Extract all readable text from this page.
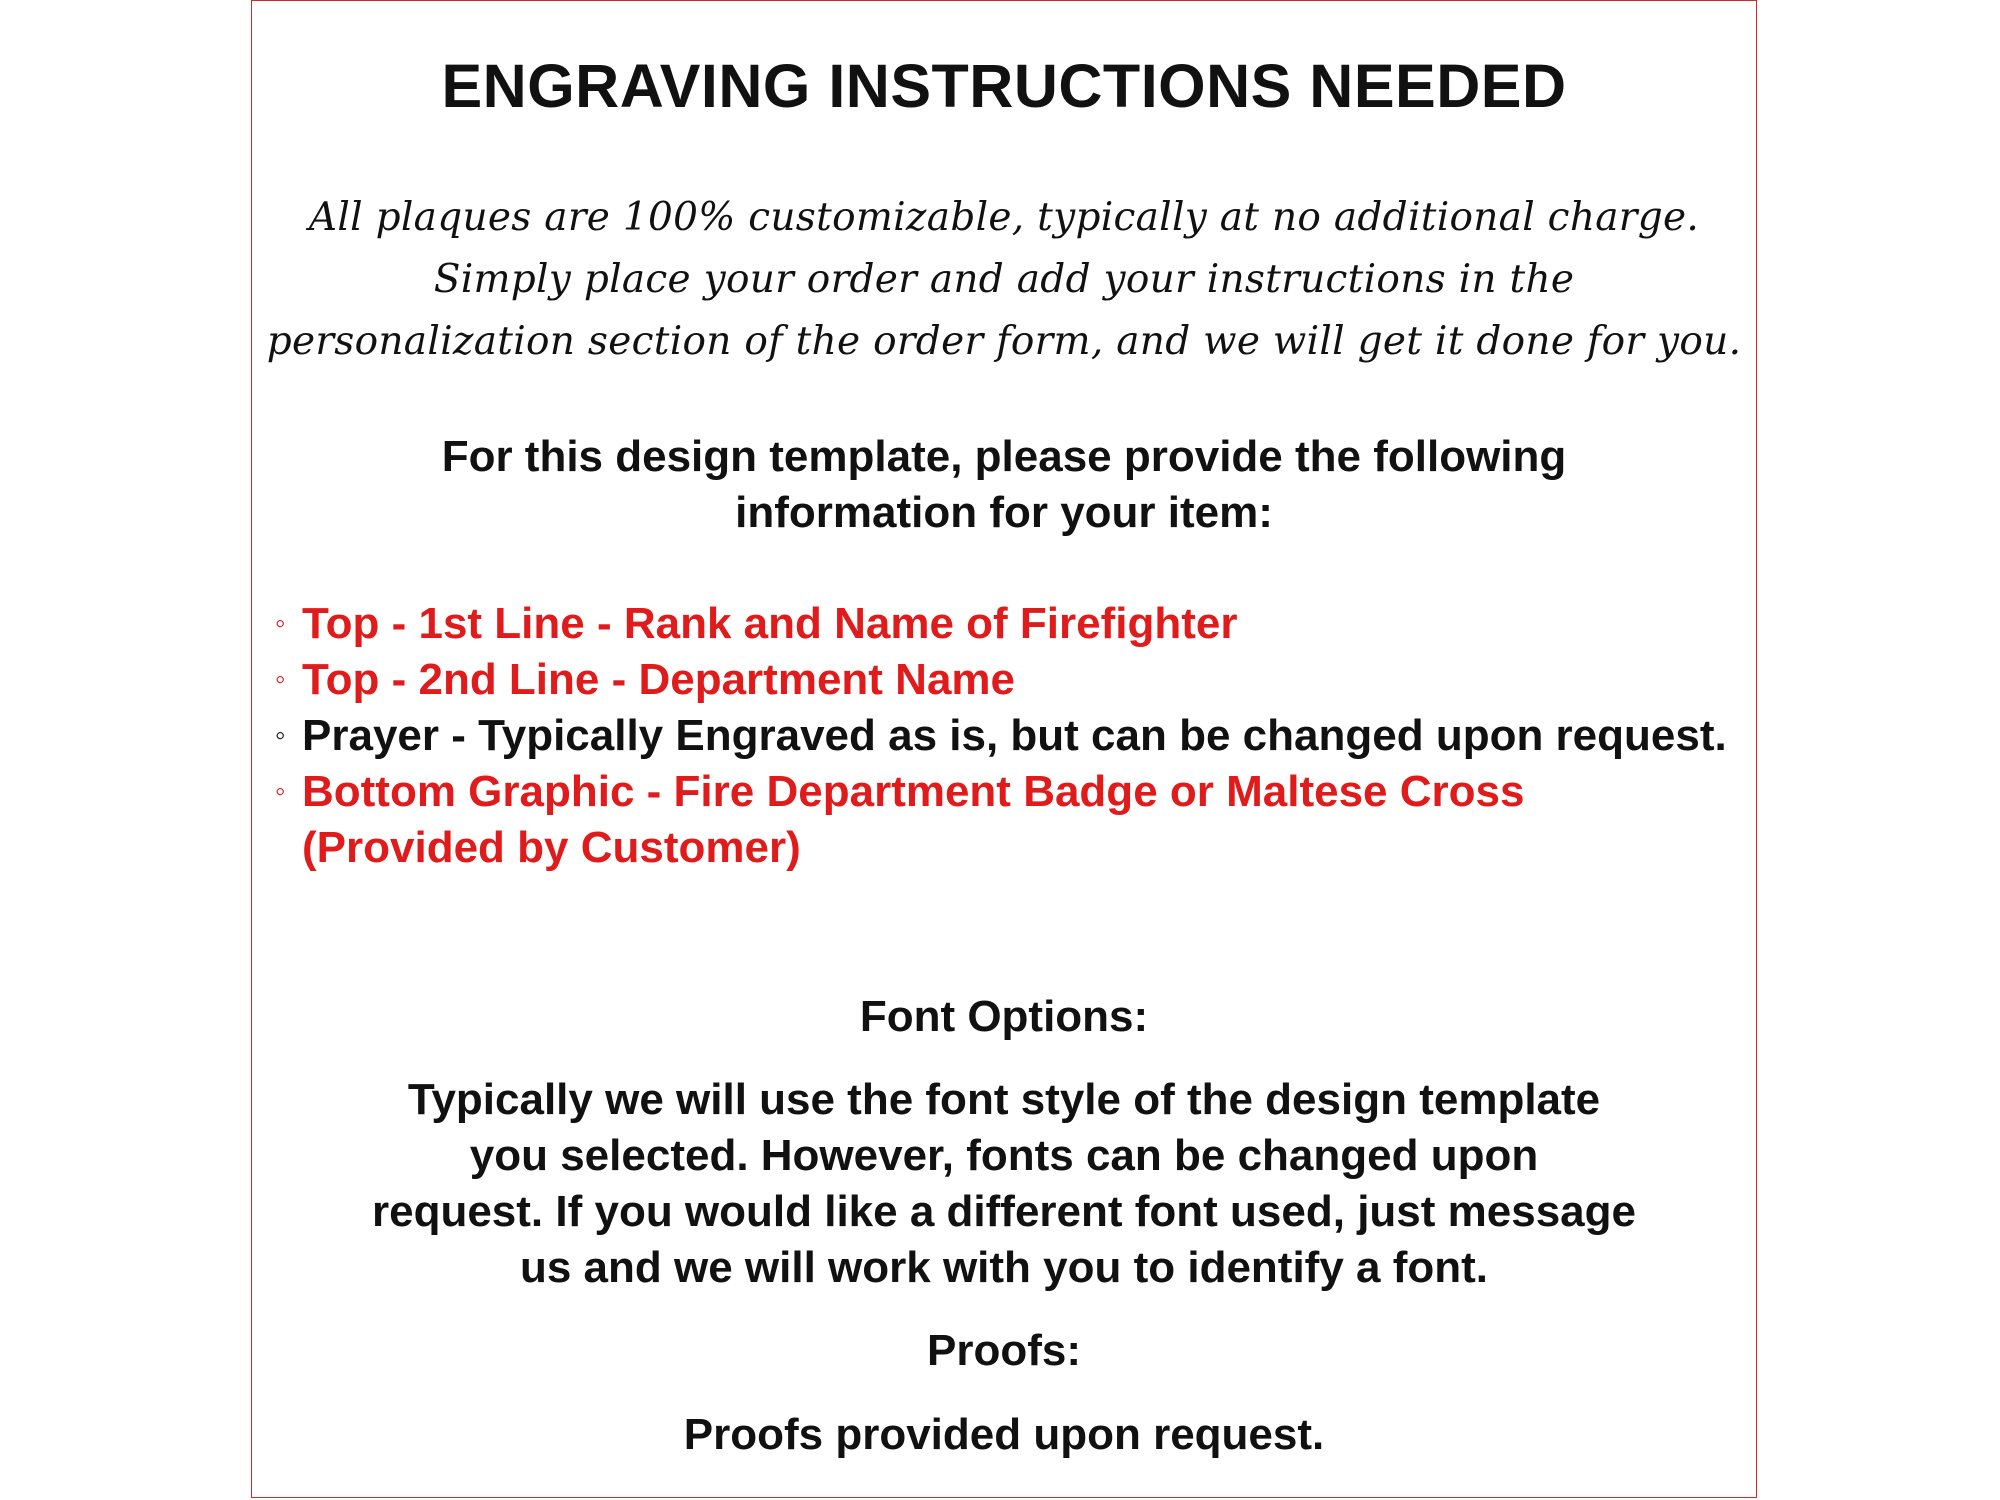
ENGRAVING INSTRUCTIONS NEEDED
All plaques are 100% customizable, typically at no additional charge.
Simply place your order and add your instructions in the
personalization section of the order form, and we will get it done for you.
For this design template, please provide the following
information for your item:
◦ Top - 1st Line - Rank and Name of Firefighter
◦ Top - 2nd Line - Department Name
◦ Prayer - Typically Engraved as is, but can be changed upon request.
◦ Bottom Graphic - Fire Department Badge or Maltese Cross (Provided by Customer)
Font Options:
Typically we will use the font style of the design template
you selected. However, fonts can be changed upon
request. If you would like a different font used, just message
us and we will work with you to identify a font.
Proofs:
Proofs provided upon request.
